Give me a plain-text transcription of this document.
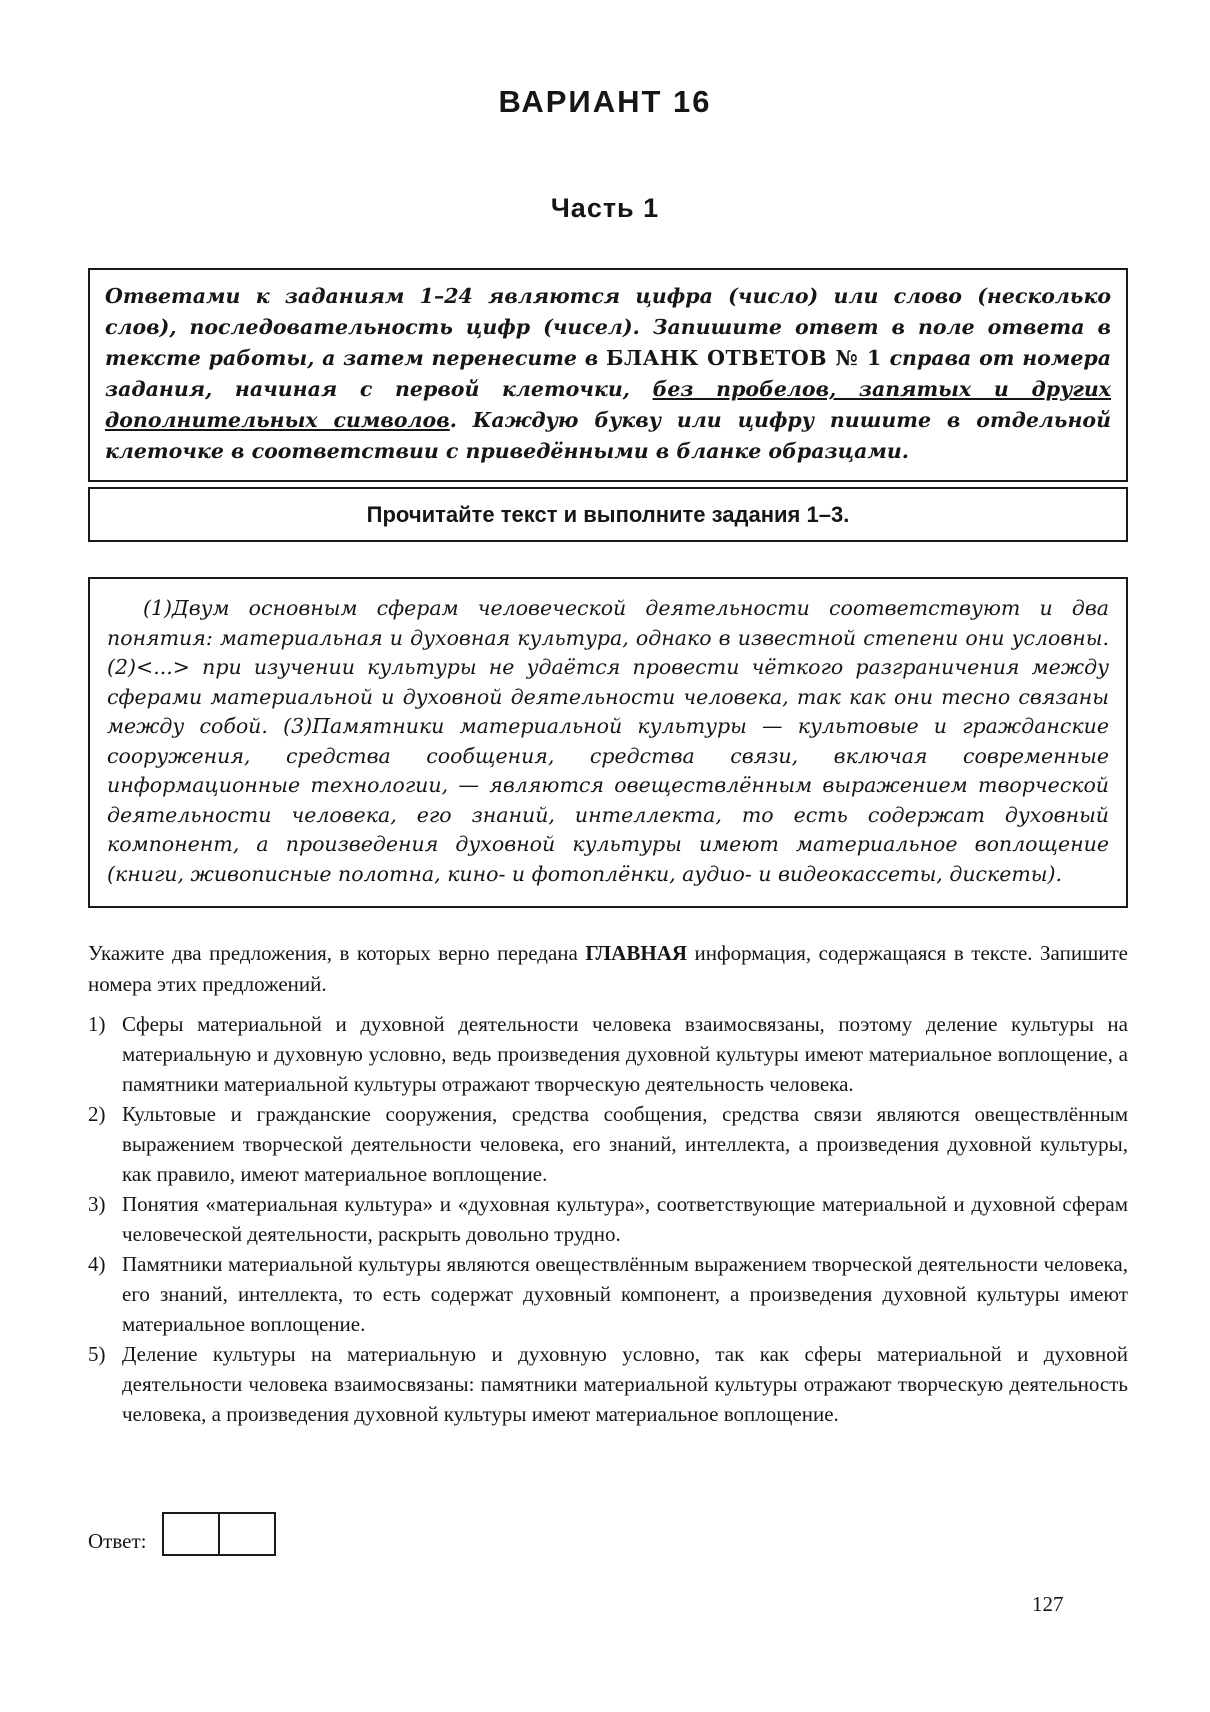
ВАРИАНТ 16
Часть 1

Ответами к заданиям 1–24 являются цифра (число) или слово (несколько слов), последовательность цифр (чисел). Запишите ответ в поле ответа в тексте работы, а затем перенесите в БЛАНК ОТВЕТОВ № 1 справа от номера задания, начиная с первой клеточки, без пробелов, запятых и других дополнительных символов. Каждую букву или цифру пишите в отдельной клеточке в соответствии с приведёнными в бланке образцами.

Прочитайте текст и выполните задания 1–3.

(1)Двум основным сферам человеческой деятельности соответствуют и два понятия: материальная и духовная культура, однако в известной степени они условны. (2)<...> при изучении культуры не удаётся провести чёткого разграничения между сферами материальной и духовной деятельности человека, так как они тесно связаны между собой. (3)Памятники материальной культуры — культовые и гражданские сооружения, средства сообщения, средства связи, включая современные информационные технологии, — являются овеществлённым выражением творческой деятельности человека, его знаний, интеллекта, то есть содержат духовный компонент, а произведения духовной культуры имеют материальное воплощение (книги, живописные полотна, кино- и фотоплёнки, аудио- и видеокассеты, дискеты).

Укажите два предложения, в которых верно передана ГЛАВНАЯ информация, содержащаяся в тексте. Запишите номера этих предложений.

1) Сферы материальной и духовной деятельности человека взаимосвязаны, поэтому деление культуры на материальную и духовную условно, ведь произведения духовной культуры имеют материальное воплощение, а памятники материальной культуры отражают творческую деятельность человека.
2) Культовые и гражданские сооружения, средства сообщения, средства связи являются овеществлённым выражением творческой деятельности человека, его знаний, интеллекта, а произведения духовной культуры, как правило, имеют материальное воплощение.
3) Понятия «материальная культура» и «духовная культура», соответствующие материальной и духовной сферам человеческой деятельности, раскрыть довольно трудно.
4) Памятники материальной культуры являются овеществлённым выражением творческой деятельности человека, его знаний, интеллекта, то есть содержат духовный компонент, а произведения духовной культуры имеют материальное воплощение.
5) Деление культуры на материальную и духовную условно, так как сферы материальной и духовной деятельности человека взаимосвязаны: памятники материальной культуры отражают творческую деятельность человека, а произведения духовной культуры имеют материальное воплощение.
Ответ:
127
